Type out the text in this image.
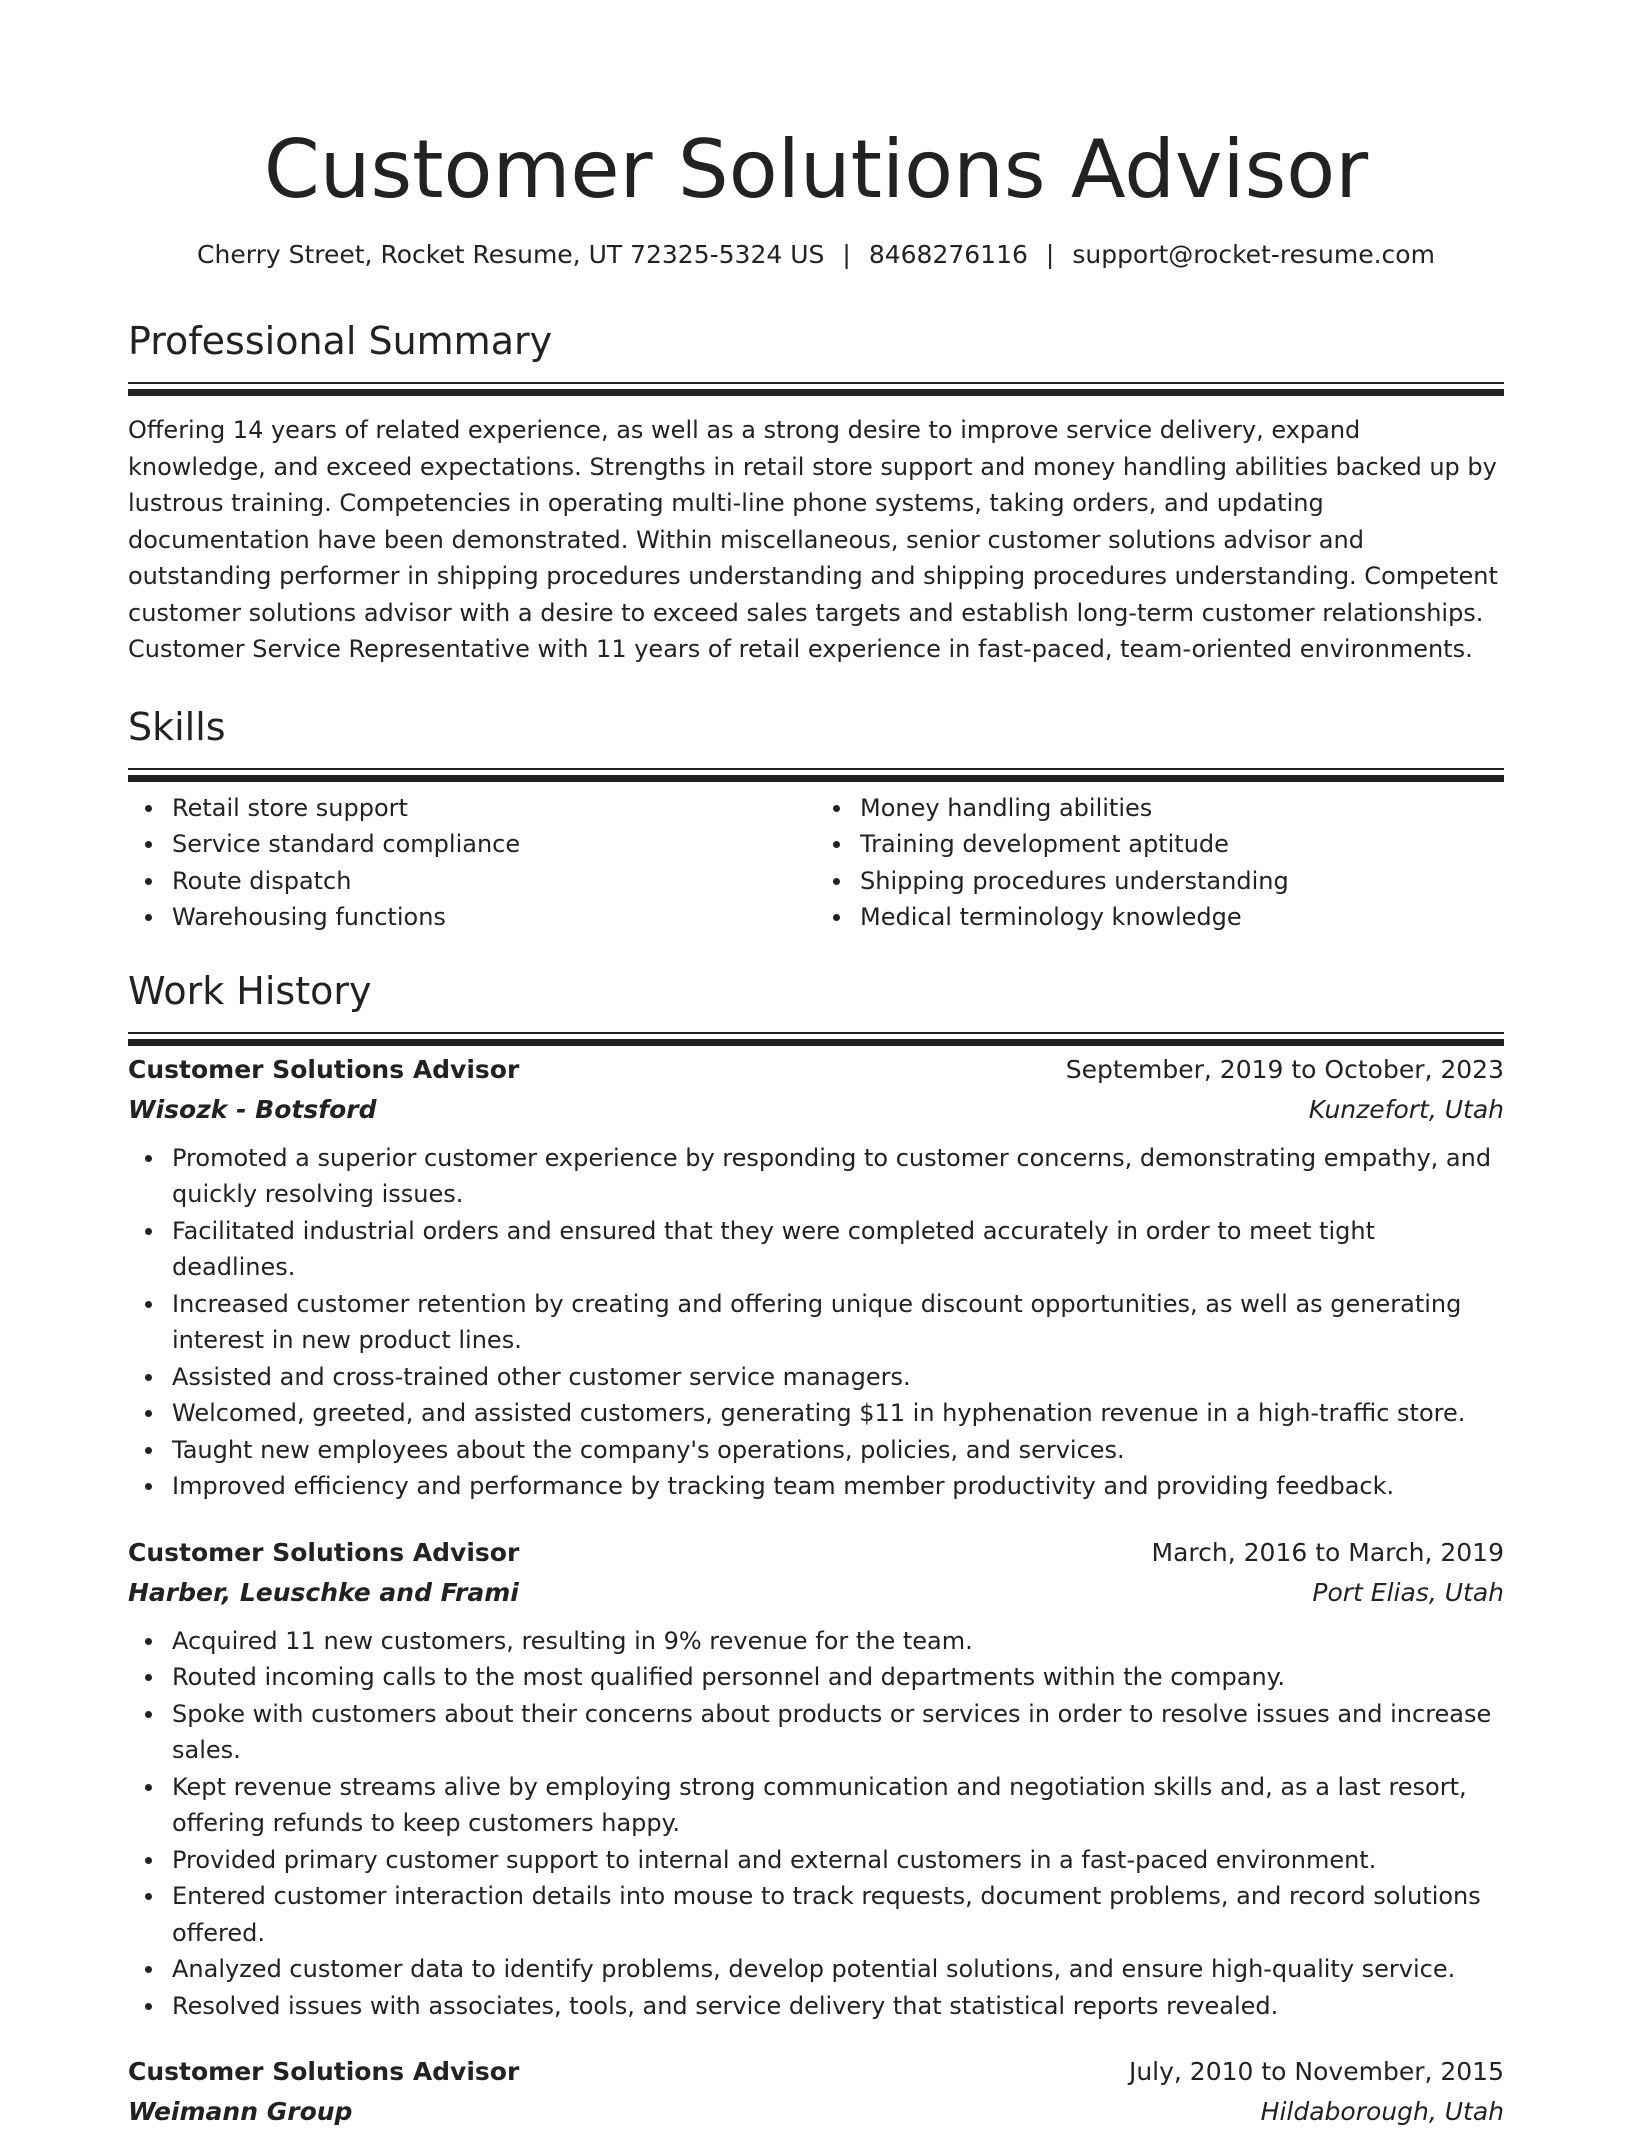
Customer Solutions Advisor
Cherry Street, Rocket Resume, UT 72325-5324 US | 8468276116 | support@rocket-resume.com
Professional Summary

Offering 14 years of related experience, as well as a strong desire to improve service delivery, expand knowledge, and exceed expectations. Strengths in retail store support and money handling abilities backed up by lustrous training. Competencies in operating multi-line phone systems, taking orders, and updating documentation have been demonstrated. Within miscellaneous, senior customer solutions advisor and outstanding performer in shipping procedures understanding and shipping procedures understanding. Competent customer solutions advisor with a desire to exceed sales targets and establish long-term customer relationships. Customer Service Representative with 11 years of retail experience in fast-paced, team-oriented environments.

Skills
Retail store support
Service standard compliance
Route dispatch
Warehousing functions
Money handling abilities
Training development aptitude
Shipping procedures understanding
Medical terminology knowledge
Work History
Customer Solutions Advisor	September, 2019 to October, 2023
Wisozk - Botsford	Kunzefort, Utah
Promoted a superior customer experience by responding to customer concerns, demonstrating empathy, and quickly resolving issues.
Facilitated industrial orders and ensured that they were completed accurately in order to meet tight deadlines.
Increased customer retention by creating and offering unique discount opportunities, as well as generating interest in new product lines.
Assisted and cross-trained other customer service managers.
Welcomed, greeted, and assisted customers, generating $11 in hyphenation revenue in a high-traffic store.
Taught new employees about the company's operations, policies, and services.
Improved efficiency and performance by tracking team member productivity and providing feedback.
Customer Solutions Advisor	March, 2016 to March, 2019
Harber, Leuschke and Frami	Port Elias, Utah
Acquired 11 new customers, resulting in 9% revenue for the team.
Routed incoming calls to the most qualified personnel and departments within the company.
Spoke with customers about their concerns about products or services in order to resolve issues and increase sales.
Kept revenue streams alive by employing strong communication and negotiation skills and, as a last resort, offering refunds to keep customers happy.
Provided primary customer support to internal and external customers in a fast-paced environment.
Entered customer interaction details into mouse to track requests, document problems, and record solutions offered.
Analyzed customer data to identify problems, develop potential solutions, and ensure high-quality service.
Resolved issues with associates, tools, and service delivery that statistical reports revealed.
Customer Solutions Advisor	July, 2010 to November, 2015
Weimann Group	Hildaborough, Utah
